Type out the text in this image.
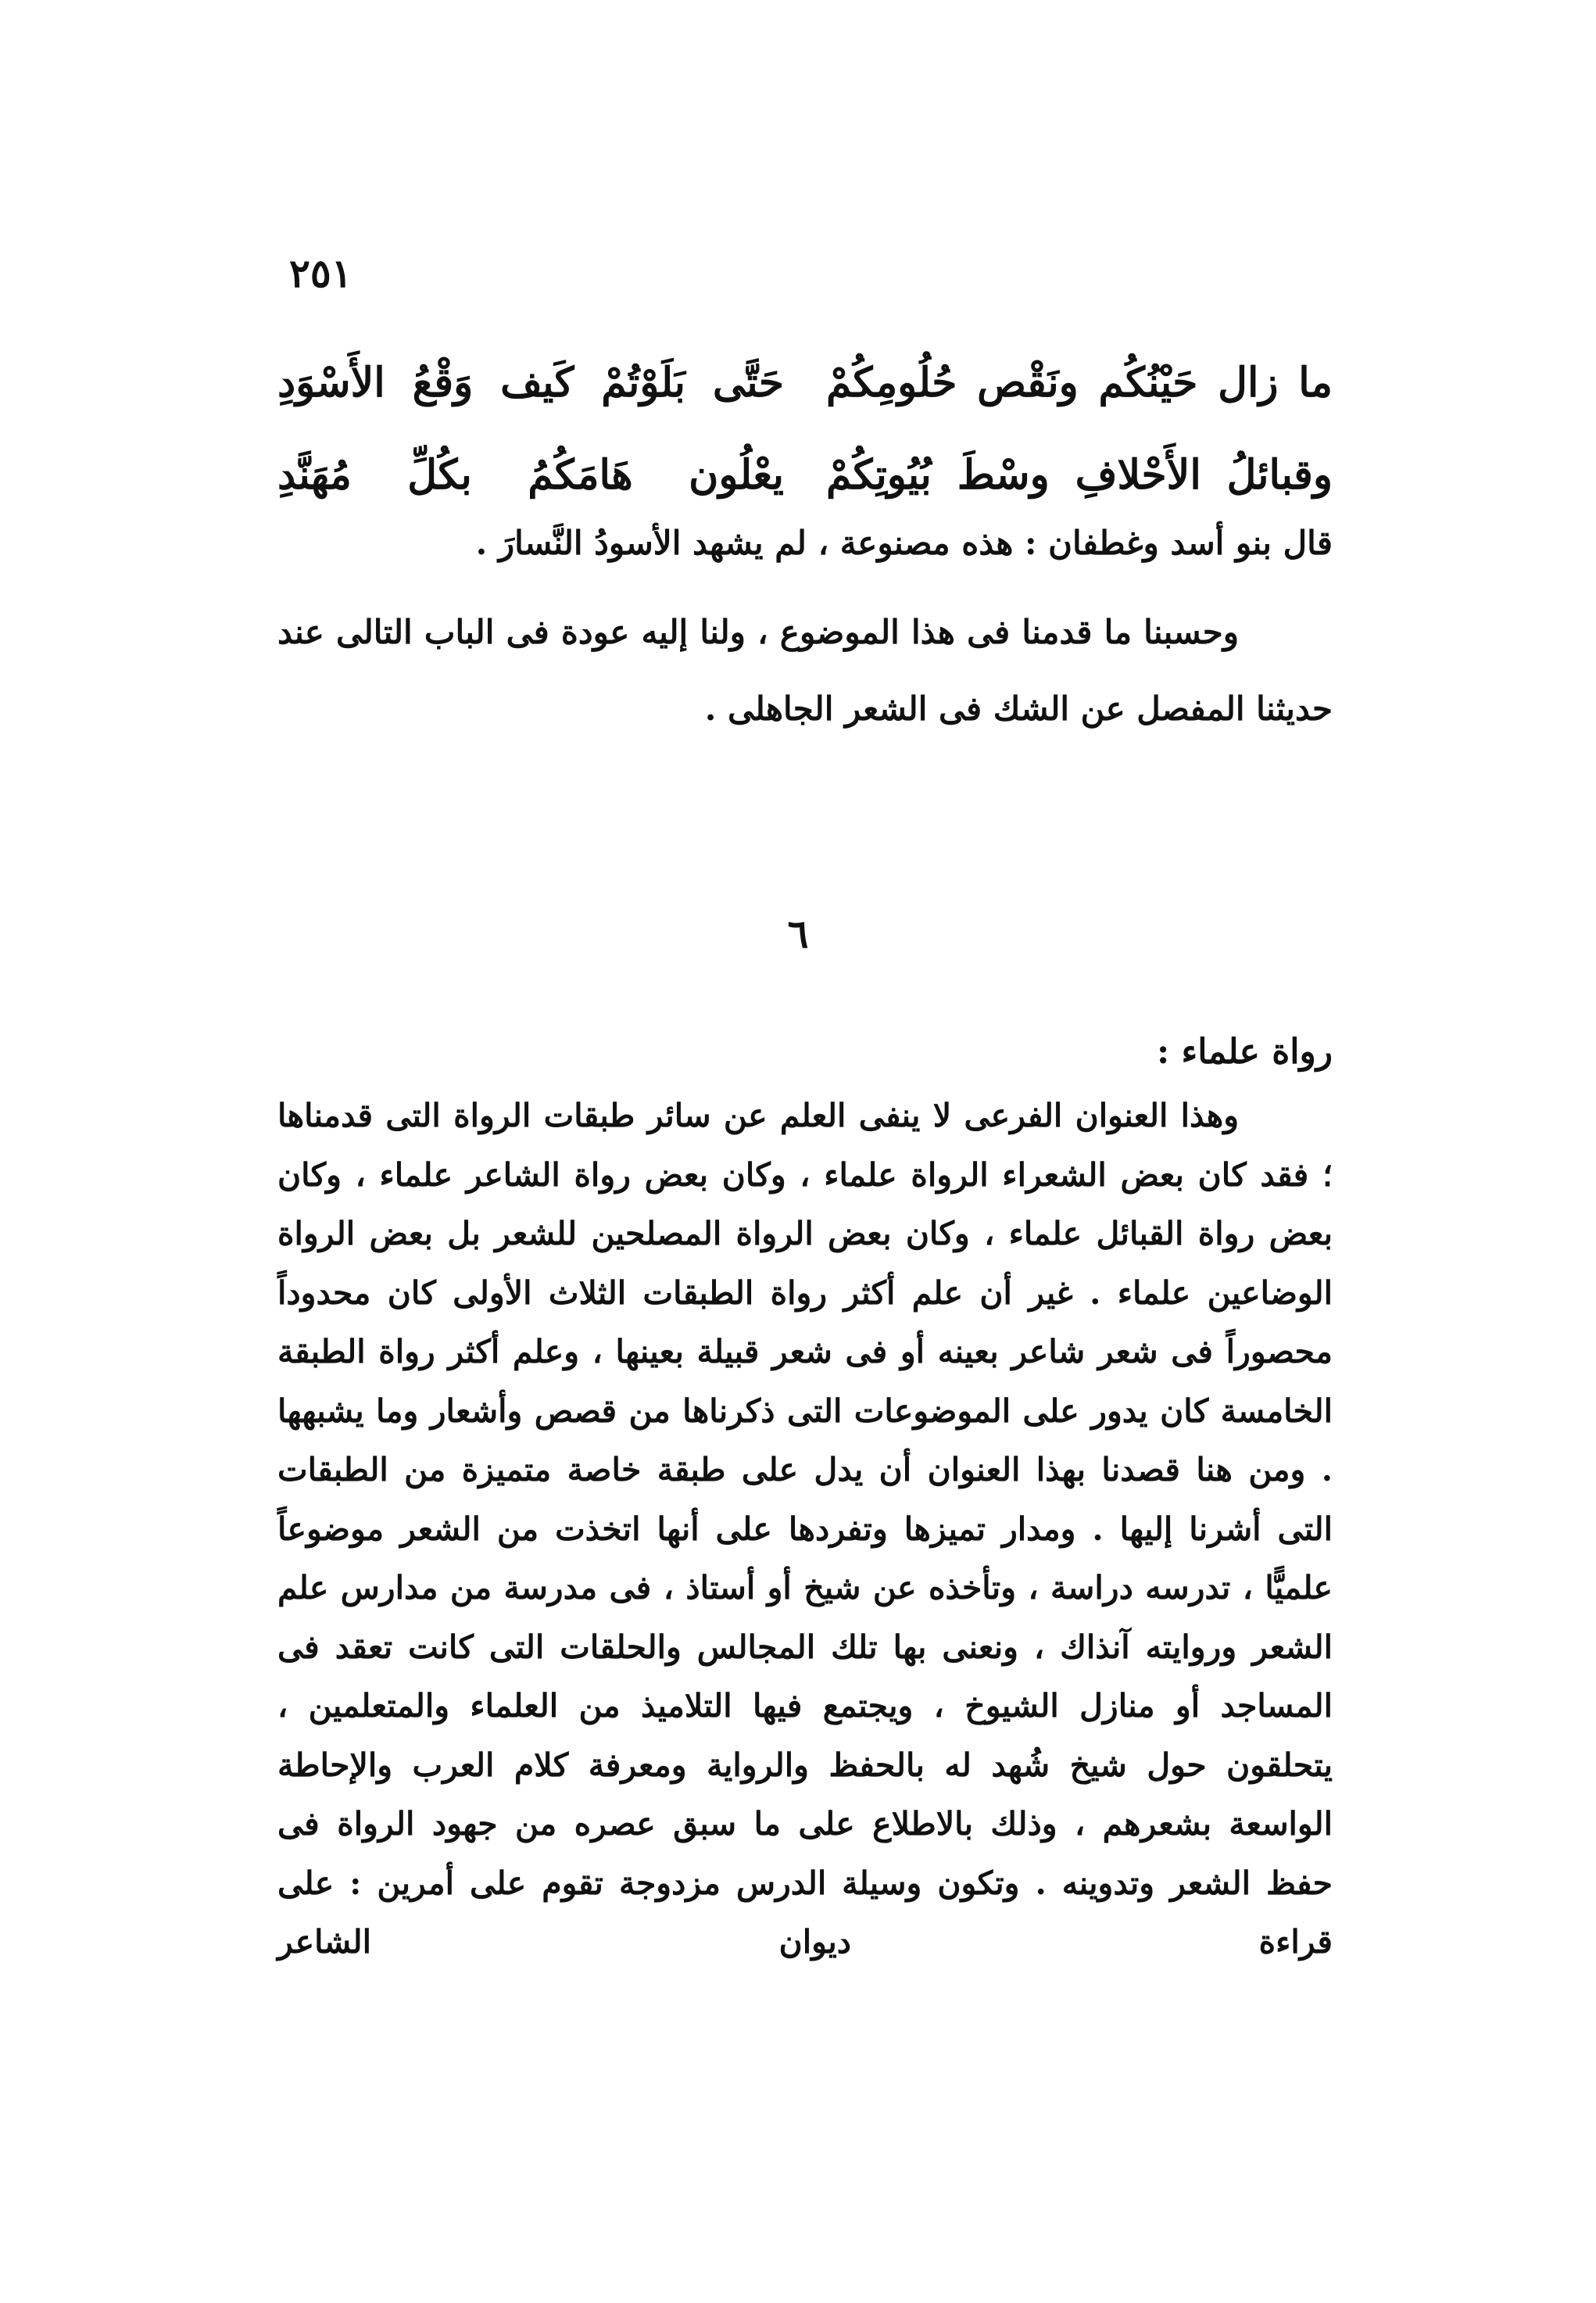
٢٥١
ما زال حَيْنُكُم ونَقْص حُلُومِكُمْ
حَتَّى بَلَوْتُمْ كَيف وَقْعُ الأَسْوَدِ
وقبائلُ الأَحْلافِ وسْطَ بُيُوتِكُمْ
يعْلُون هَامَكُمُ بكُلِّ مُهَنَّدِ
قال بنو أسد وغطفان : هذه مصنوعة ، لم يشهد الأسودُ النَّسارَ .
وحسبنا ما قدمنا فى هذا الموضوع ، ولنا إليه عودة فى الباب التالى عند حديثنا المفصل عن الشك فى الشعر الجاهلى .
٦
رواة علماء :
وهذا العنوان الفرعى لا ينفى العلم عن سائر طبقات الرواة التى قدمناها ؛ فقد كان بعض الشعراء الرواة علماء ، وكان بعض رواة الشاعر علماء ، وكان بعض رواة القبائل علماء ، وكان بعض الرواة المصلحين للشعر بل بعض الرواة الوضاعين علماء . غير أن علم أكثر رواة الطبقات الثلاث الأولى كان محدوداً محصوراً فى شعر شاعر بعينه أو فى شعر قبيلة بعينها ، وعلم أكثر رواة الطبقة الخامسة كان يدور على الموضوعات التى ذكرناها من قصص وأشعار وما يشبهها . ومن هنا قصدنا بهذا العنوان أن يدل على طبقة خاصة متميزة من الطبقات التى أشرنا إليها . ومدار تميزها وتفردها على أنها اتخذت من الشعر موضوعاً علميًّا ، تدرسه دراسة ، وتأخذه عن شيخ أو أستاذ ، فى مدرسة من مدارس علم الشعر وروايته آنذاك ، ونعنى بها تلك المجالس والحلقات التى كانت تعقد فى المساجد أو منازل الشيوخ ، ويجتمع فيها التلاميذ من العلماء والمتعلمين ، يتحلقون حول شيخ شُهد له بالحفظ والرواية ومعرفة كلام العرب والإحاطة الواسعة بشعرهم ، وذلك بالاطلاع على ما سبق عصره من جهود الرواة فى حفظ الشعر وتدوينه . وتكون وسيلة الدرس مزدوجة تقوم على أمرين : على قراءة ديوان الشاعر
